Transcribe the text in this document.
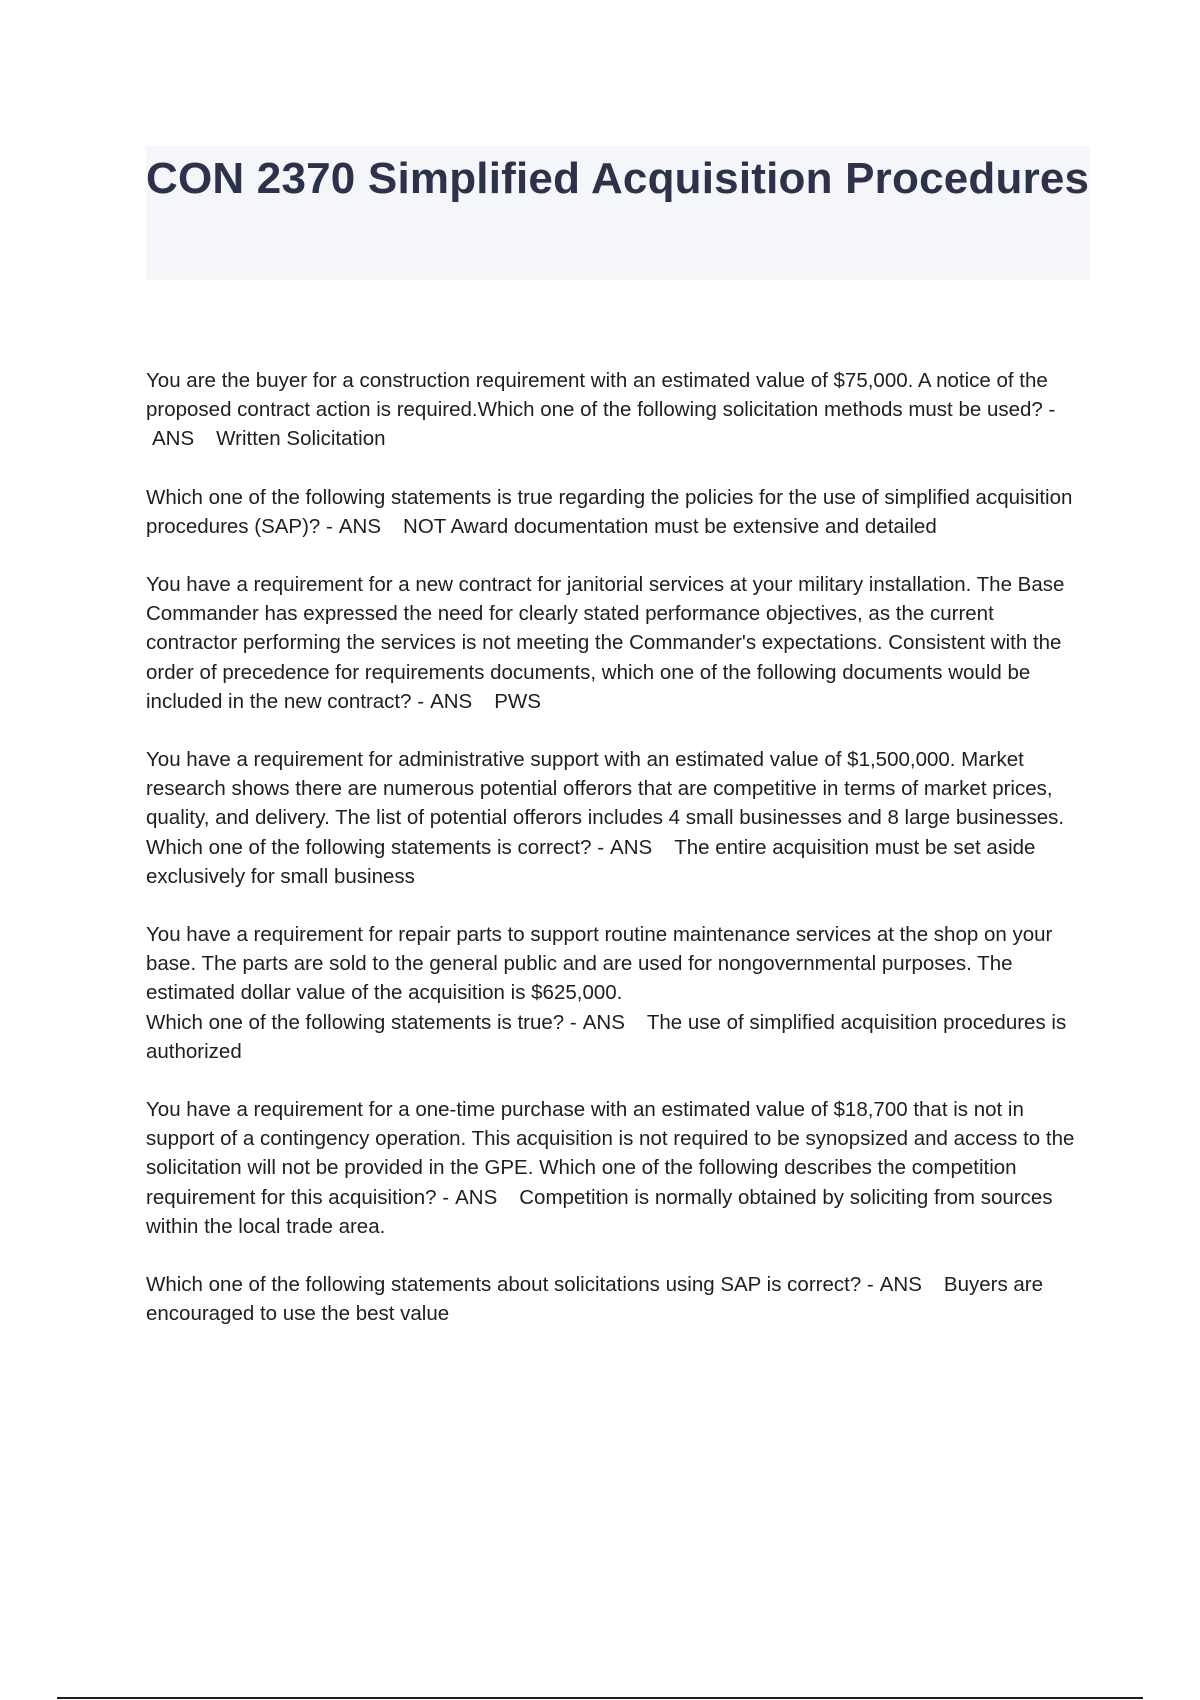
CON 2370 Simplified Acquisition Procedures

You are the buyer for a construction requirement with an estimated value of $75,000. A notice of the proposed contract action is required.Which one of the following solicitation methods must be used? -ANS Written Solicitation

Which one of the following statements is true regarding the policies for the use of simplified acquisition procedures (SAP)? - ANS NOT Award documentation must be extensive and detailed

You have a requirement for a new contract for janitorial services at your military installation. The Base Commander has expressed the need for clearly stated performance objectives, as the current contractor performing the services is not meeting the Commander's expectations. Consistent with the order of precedence for requirements documents, which one of the following documents would be included in the new contract? - ANS PWS

You have a requirement for administrative support with an estimated value of $1,500,000. Market research shows there are numerous potential offerors that are competitive in terms of market prices, quality, and delivery. The list of potential offerors includes 4 small businesses and 8 large businesses.
Which one of the following statements is correct? - ANS The entire acquisition must be set aside exclusively for small business

You have a requirement for repair parts to support routine maintenance services at the shop on your base. The parts are sold to the general public and are used for nongovernmental purposes. The estimated dollar value of the acquisition is $625,000.
Which one of the following statements is true? - ANS The use of simplified acquisition procedures is authorized

You have a requirement for a one-time purchase with an estimated value of $18,700 that is not in support of a contingency operation. This acquisition is not required to be synopsized and access to the solicitation will not be provided in the GPE. Which one of the following describes the competition requirement for this acquisition? - ANS Competition is normally obtained by soliciting from sources within the local trade area.

Which one of the following statements about solicitations using SAP is correct? - ANS Buyers are encouraged to use the best value
